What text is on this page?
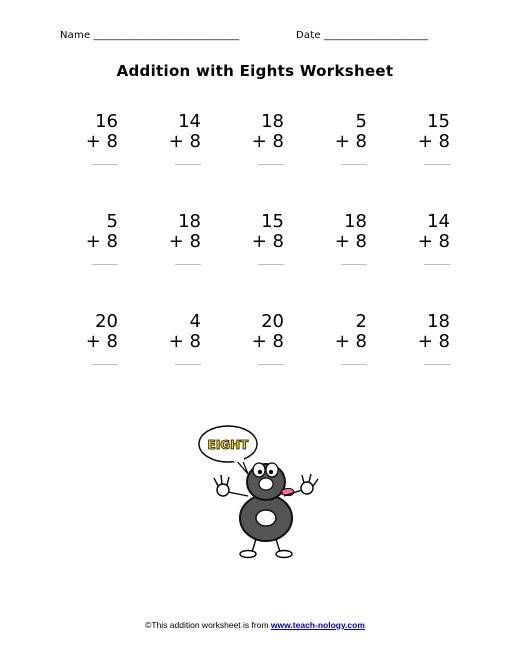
Name ____________________________	Date ____________________
Addition with Eights Worksheet
16
+ 8
14
+ 8
18
+ 8
5
+ 8
15
+ 8
5
+ 8
18
+ 8
15
+ 8
18
+ 8
14
+ 8
20
+ 8
4
+ 8
20
+ 8
2
+ 8
18
+ 8
EIGHT
©This addition worksheet is from www.teach-nology.com
